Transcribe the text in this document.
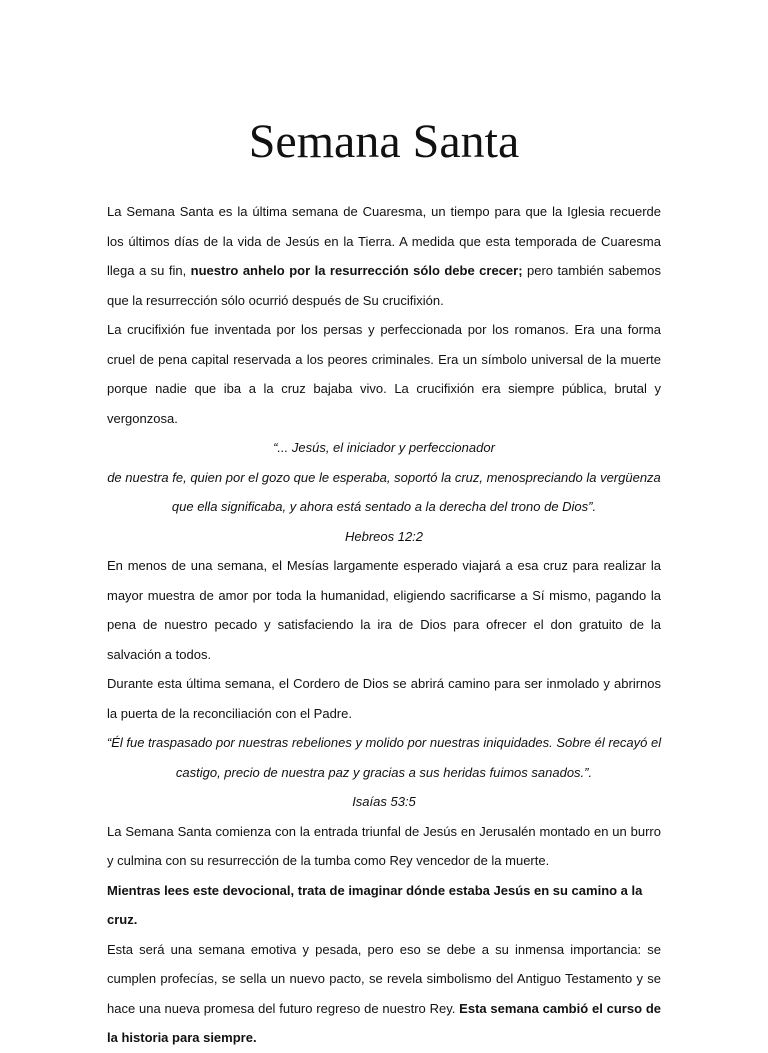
Semana Santa

La Semana Santa es la última semana de Cuaresma, un tiempo para que la Iglesia recuerde los últimos días de la vida de Jesús en la Tierra. A medida que esta temporada de Cuaresma llega a su fin, nuestro anhelo por la resurrección sólo debe crecer; pero también sabemos que la resurrección sólo ocurrió después de Su crucifixión.

La crucifixión fue inventada por los persas y perfeccionada por los romanos. Era una forma cruel de pena capital reservada a los peores criminales. Era un símbolo universal de la muerte porque nadie que iba a la cruz bajaba vivo. La crucifixión era siempre pública, brutal y vergonzosa.

“... Jesús, el iniciador y perfeccionador

de nuestra fe, quien por el gozo que le esperaba, soportó la cruz, menospreciando la vergüenza

que ella significaba, y ahora está sentado a la derecha del trono de Dios”.

Hebreos 12:2

En menos de una semana, el Mesías largamente esperado viajará a esa cruz para realizar la mayor muestra de amor por toda la humanidad, eligiendo sacrificarse a Sí mismo, pagando la pena de nuestro pecado y satisfaciendo la ira de Dios para ofrecer el don gratuito de la salvación a todos.

Durante esta última semana, el Cordero de Dios se abrirá camino para ser inmolado y abrirnos la puerta de la reconciliación con el Padre.

“Él fue traspasado por nuestras rebeliones y molido por nuestras iniquidades. Sobre él recayó el

castigo, precio de nuestra paz y gracias a sus heridas fuimos sanados.”.

Isaías 53:5

La Semana Santa comienza con la entrada triunfal de Jesús en Jerusalén montado en un burro y culmina con su resurrección de la tumba como Rey vencedor de la muerte.

Mientras lees este devocional, trata de imaginar dónde estaba Jesús en su camino a la cruz.

Esta será una semana emotiva y pesada, pero eso se debe a su inmensa importancia: se cumplen profecías, se sella un nuevo pacto, se revela simbolismo del Antiguo Testamento y se hace una nueva promesa del futuro regreso de nuestro Rey. Esta semana cambió el curso de la historia para siempre.
